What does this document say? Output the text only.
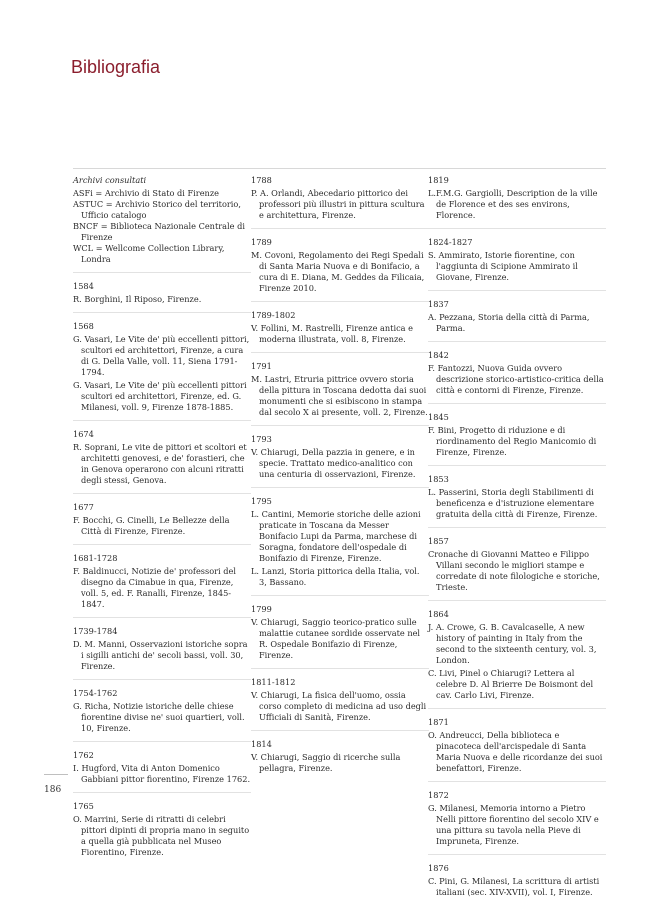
Bibliografia
Archivi consultati
ASFi = Archivio di Stato di Firenze
ASTUC = Archivio Storico del territorio, Ufficio catalogo
BNCF = Biblioteca Nazionale Centrale di Firenze
WCL = Wellcome Collection Library, Londra
1584
R. Borghini, Il Riposo, Firenze.
1568
G. Vasari, Le Vite de' più eccellenti pittori, scultori ed architettori, Firenze, a cura di G. Della Valle, voll. 11, Siena 1791-1794.
G. Vasari, Le Vite de' più eccellenti pittori scultori ed architettori, Firenze, ed. G. Milanesi, voll. 9, Firenze 1878-1885.
1674
R. Soprani, Le vite de pittori et scoltori et architetti genovesi, e de' forastieri, che in Genova operarono con alcuni ritratti degli stessi, Genova.
1677
F. Bocchi, G. Cinelli, Le Bellezze della Città di Firenze, Firenze.
1681-1728
F. Baldinucci, Notizie de' professori del disegno da Cimabue in qua, Firenze, voll. 5, ed. F. Ranalli, Firenze, 1845-1847.
1739-1784
D. M. Manni, Osservazioni istoriche sopra i sigilli antichi de' secoli bassi, voll. 30, Firenze.
1754-1762
G. Richa, Notizie istoriche delle chiese fiorentine divise ne' suoi quartieri, voll. 10, Firenze.
1762
I. Hugford, Vita di Anton Domenico Gabbiani pittor fiorentino, Firenze 1762.
1765
O. Marrini, Serie di ritratti di celebri pittori dipinti di propria mano in seguito a quella già pubblicata nel Museo Fiorentino, Firenze.
1788
P. A. Orlandi, Abecedario pittorico dei professori più illustri in pittura scultura e architettura, Firenze.
1789
M. Covoni, Regolamento dei Regi Spedali di Santa Maria Nuova e di Bonifacio, a cura di E. Diana, M. Geddes da Filicaia, Firenze 2010.
1789-1802
V. Follini, M. Rastrelli, Firenze antica e moderna illustrata, voll. 8, Firenze.
1791
M. Lastri, Etruria pittrice ovvero storia della pittura in Toscana dedotta dai suoi monumenti che si esibiscono in stampa dal secolo X ai presente, voll. 2, Firenze.
1793
V. Chiarugi, Della pazzia in genere, e in specie. Trattato medico-analitico con una centuria di osservazioni, Firenze.
1795
L. Cantini, Memorie storiche delle azioni praticate in Toscana da Messer Bonifacio Lupi da Parma, marchese di Soragna, fondatore dell'ospedale di Bonifazio di Firenze, Firenze.
L. Lanzi, Storia pittorica della Italia, vol. 3, Bassano.
1799
V. Chiarugi, Saggio teorico-pratico sulle malattie cutanee sordide osservate nel R. Ospedale Bonifazio di Firenze, Firenze.
1811-1812
V. Chiarugi, La fisica dell'uomo, ossia corso completo di medicina ad uso degli Ufficiali di Sanità, Firenze.
1814
V. Chiarugi, Saggio di ricerche sulla pellagra, Firenze.
1819
L.F.M.G. Gargiolli, Description de la ville de Florence et des ses environs, Florence.
1824-1827
S. Ammirato, Istorie fiorentine, con l'aggiunta di Scipione Ammirato il Giovane, Firenze.
1837
A. Pezzana, Storia della città di Parma, Parma.
1842
F. Fantozzi, Nuova Guida ovvero descrizione storico-artistico-critica della città e contorni di Firenze, Firenze.
1845
F. Bini, Progetto di riduzione e di riordinamento del Regio Manicomio di Firenze, Firenze.
1853
L. Passerini, Storia degli Stabilimenti di beneficenza e d'istruzione elementare gratuita della città di Firenze, Firenze.
1857
Cronache di Giovanni Matteo e Filippo Villani secondo le migliori stampe e corredate di note filologiche e storiche, Trieste.
1864
J. A. Crowe, G. B. Cavalcaselle, A new history of painting in Italy from the second to the sixteenth century, vol. 3, London.
C. Livi, Pinel o Chiarugi? Lettera al celebre D. Al Brierre De Boismont del cav. Carlo Livi, Firenze.
1871
O. Andreucci, Della biblioteca e pinacoteca dell'arcispedale di Santa Maria Nuova e delle ricordanze dei suoi benefattori, Firenze.
1872
G. Milanesi, Memoria intorno a Pietro Nelli pittore fiorentino del secolo XIV e una pittura su tavola nella Pieve di Impruneta, Firenze.
1876
C. Pini, G. Milanesi, La scrittura di artisti italiani (sec. XIV-XVII), vol. I, Firenze.
186
